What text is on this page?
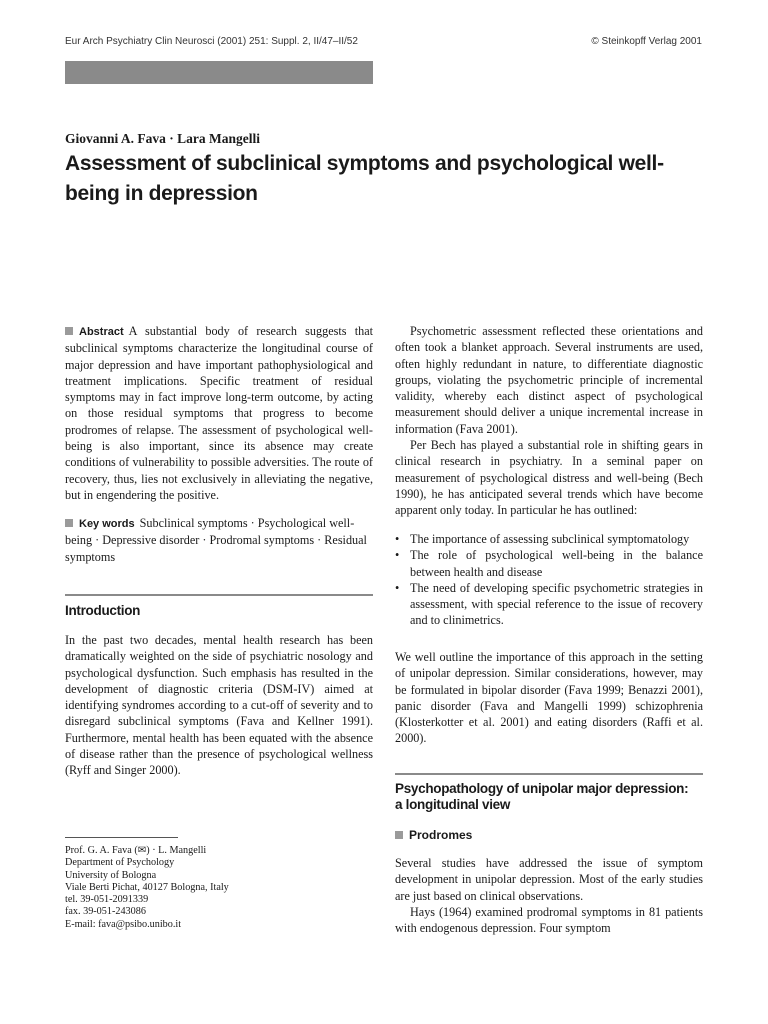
Eur Arch Psychiatry Clin Neurosci (2001) 251: Suppl. 2, II/47–II/52	© Steinkopff Verlag 2001
Giovanni A. Fava · Lara Mangelli
Assessment of subclinical symptoms and psychological well-being in depression

Abstract A substantial body of research suggests that subclinical symptoms characterize the longitudinal course of major depression and have important pathophysiological and treatment implications. Specific treatment of residual symptoms may in fact improve long-term outcome, by acting on those residual symptoms that progress to become prodromes of relapse. The assessment of psychological well-being is also important, since its absence may create conditions of vulnerability to possible adversities. The route of recovery, thus, lies not exclusively in alleviating the negative, but in engendering the positive.

Key words Subclinical symptoms · Psychological well-being · Depressive disorder · Prodromal symptoms · Residual symptoms

Introduction

In the past two decades, mental health research has been dramatically weighted on the side of psychiatric nosology and psychological dysfunction. Such emphasis has resulted in the development of diagnostic criteria (DSM-IV) aimed at identifying syndromes according to a cut-off of severity and to disregard subclinical symptoms (Fava and Kellner 1991). Furthermore, mental health has been equated with the absence of disease rather than the presence of psychological wellness (Ryff and Singer 2000).

Prof. G. A. Fava (✉) · L. Mangelli
Department of Psychology
University of Bologna
Viale Berti Pichat, 40127 Bologna, Italy
tel. 39-051-2091339
fax. 39-051-243086
E-mail: fava@psibo.unibo.it

Psychometric assessment reflected these orientations and often took a blanket approach. Several instruments are used, often highly redundant in nature, to differentiate diagnostic groups, violating the psychometric principle of incremental validity, whereby each distinct aspect of psychological measurement should deliver a unique incremental increase in information (Fava 2001).

Per Bech has played a substantial role in shifting gears in clinical research in psychiatry. In a seminal paper on measurement of psychological distress and well-being (Bech 1990), he has anticipated several trends which have become apparent only today. In particular he has outlined:

• The importance of assessing subclinical symptomatology
• The role of psychological well-being in the balance between health and disease
• The need of developing specific psychometric strategies in assessment, with special reference to the issue of recovery and to clinimetrics.

We well outline the importance of this approach in the setting of unipolar depression. Similar considerations, however, may be formulated in bipolar disorder (Fava 1999; Benazzi 2001), panic disorder (Fava and Mangelli 1999) schizophrenia (Klosterkotter et al. 2001) and eating disorders (Raffi et al. 2000).

Psychopathology of unipolar major depression:
a longitudinal view
Prodromes

Several studies have addressed the issue of symptom development in unipolar depression. Most of the early studies are just based on clinical observations.

Hays (1964) examined prodromal symptoms in 81 patients with endogenous depression. Four symptom
